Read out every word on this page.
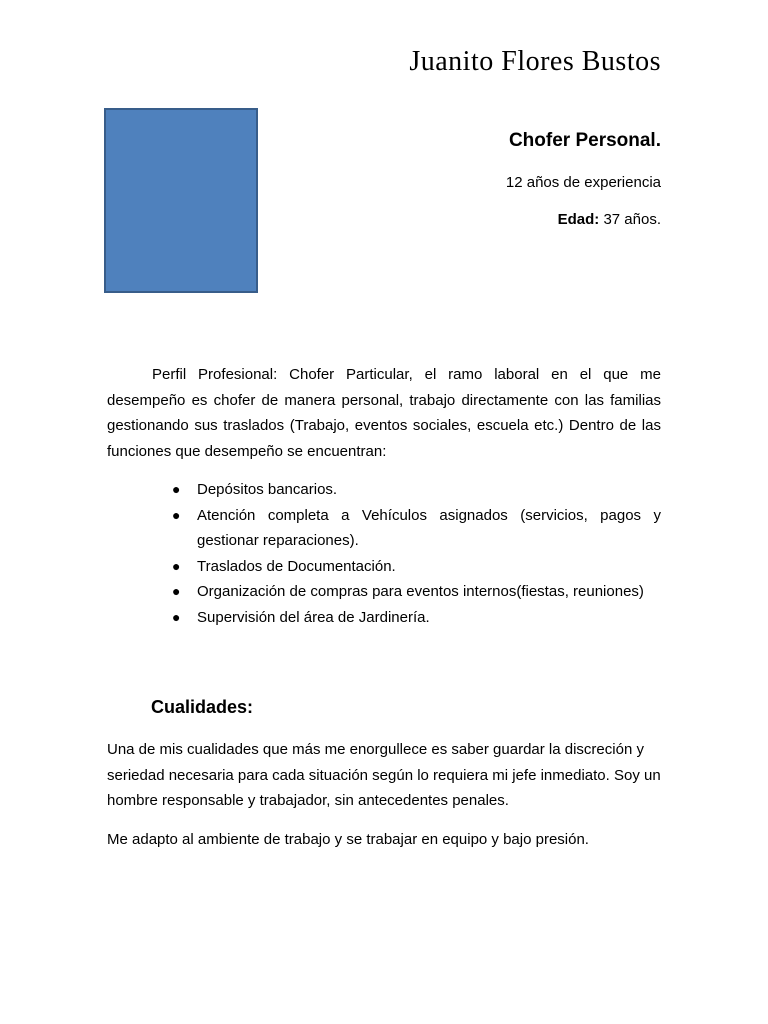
Juanito Flores Bustos
Chofer Personal.
12 años de experiencia
Edad: 37 años.

Perfil Profesional: Chofer Particular, el ramo laboral en el que me desempeño es chofer de manera personal, trabajo directamente con las familias gestionando sus traslados (Trabajo, eventos sociales, escuela etc.) Dentro de las funciones que desempeño se encuentran:

● Depósitos bancarios.
● Atención completa a Vehículos asignados (servicios, pagos y gestionar reparaciones).
● Traslados de Documentación.
● Organización de compras para eventos internos(fiestas, reuniones)
● Supervisión del área de Jardinería.
Cualidades:

Una de mis cualidades que más me enorgullece es saber guardar la discreción y seriedad necesaria para cada situación según lo requiera mi jefe inmediato. Soy un hombre responsable y trabajador, sin antecedentes penales.

Me adapto al ambiente de trabajo y se trabajar en equipo y bajo presión.
